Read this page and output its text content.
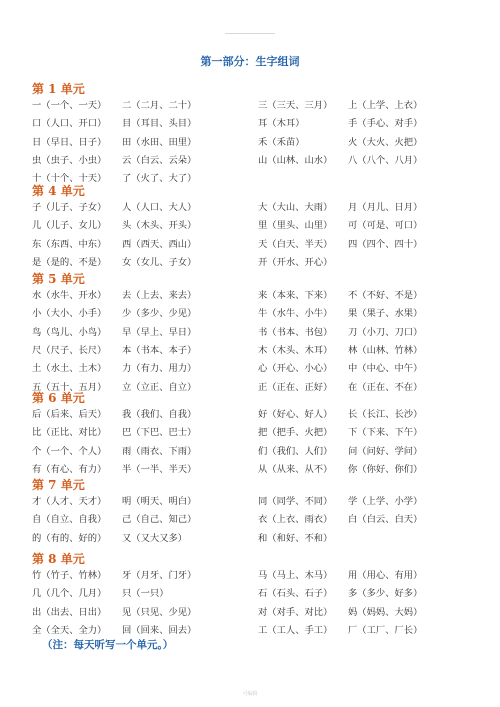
第一部分：生字组词
第 1 单元
一（一个、一天） 二（二月、二十）	三（三天、三月） 上（上学、上衣）
口（人口、开口） 目（耳目、头目）	耳（木耳）	手（手心、对手）
日（早日、日子） 田（水田、田里）	禾（禾苗）	火（大火、火把）
虫（虫子、小虫） 云（白云、云朵）	山（山林、山水） 八（八个、八月）
十（十个、十天） 了（火了、大了）
第 4 单元
子（儿子、子女） 人（人口、大人）	大（大山、大雨） 月（月儿、日月）
儿（儿子、女儿） 头（木头、开头）	里（里头、山里） 可（可是、可口）
东（东西、中东） 西（西天、西山）	天（白天、半天） 四（四个、四十）
是（是的、不是） 女（女儿、子女）	开（开水、开心）
第 5 单元
水（水牛、开水） 去（上去、来去）	来（本来、下来） 不（不好、不是）
小（大小、小手） 少（多少、少见）	牛（水牛、小牛） 果（果子、水果）
鸟（鸟儿、小鸟） 早（早上、早日）	书（书本、书包） 刀（小刀、刀口）
尺（尺子、长尺） 本（书本、本子）	木（木头、木耳） 林（山林、竹林）
土（水土、土木） 力（有力、用力）	心（开心、小心） 中（中心、中午）
五（五十、五月） 立（立正、自立）	正（正在、正好） 在（正在、不在）
第 6 单元
后（后来、后天） 我（我们、自我）	好（好心、好人） 长（长江、长沙）
比（正比、对比） 巴（下巴、巴士）	把（把手、火把） 下（下来、下午）
个（一个、个人） 雨（雨衣、下雨）	们（我们、人们） 问（问好、学问）
有（有心、有力） 半（一半、半天）	从（从来、从不） 你（你好、你们）
第 7 单元
才（人才、天才） 明（明天、明白）	同（同学、不同） 学（上学、小学）
自（自立、自我） 己（自己、知己）	衣（上衣、雨衣） 白（白云、白天）
的（有的、好的） 又（又大又多）	和（和好、不和）
第 8 单元
竹（竹子、竹林） 牙（月牙、门牙）	马（马上、木马） 用（用心、有用）
几（几个、几月） 只（一只）	石（石头、石子） 多（多少、好多）
出（出去、日出） 见（只见、少见）	对（对手、对比） 妈（妈妈、大妈）
全（全天、全力） 回（回来、回去）	工（工人、手工） 厂（工厂、厂长）
（注：每天听写一个单元。）
可编辑
